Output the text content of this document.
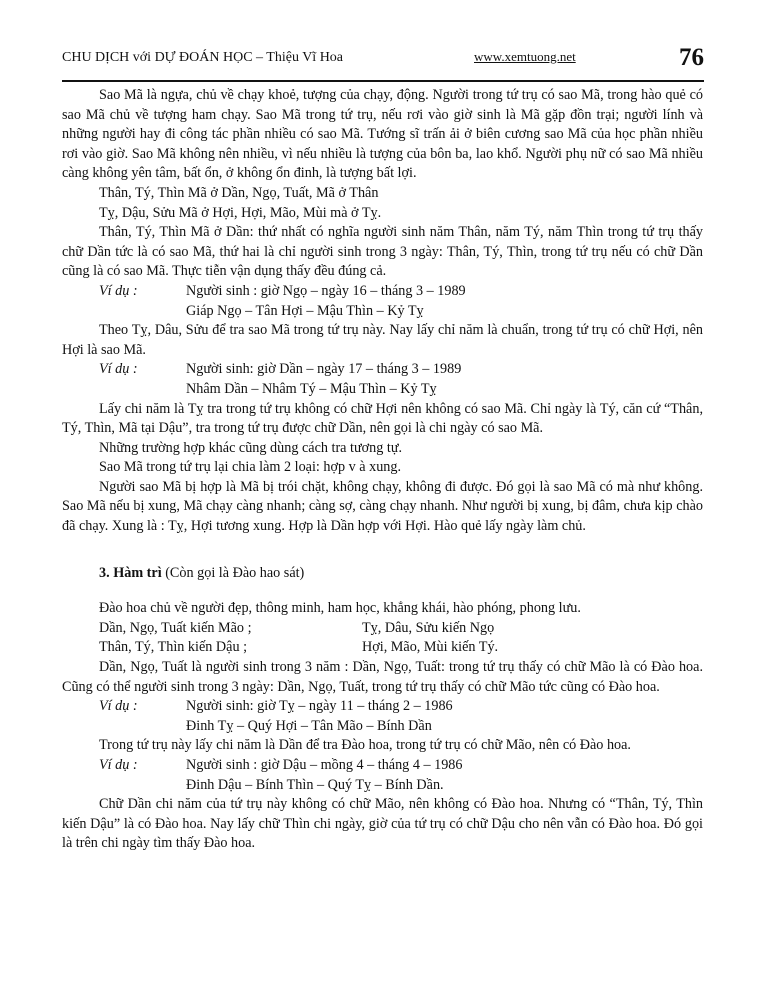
CHU DỊCH với DỰ ĐOÁN HỌC – Thiệu Vĩ Hoa	www.xemtuong.net	76

Sao Mã là ngựa, chủ về chạy khoẻ, tượng của chạy, động. Người trong tứ trụ có sao Mã, trong hào quẻ có sao Mã chủ về tượng ham chạy. Sao Mã trong tứ trụ, nếu rơi vào giờ sinh là Mã gặp đồn trại; người lính và những người hay đi công tác phần nhiều có sao Mã. Tướng sĩ trấn ải ở biên cương sao Mã của học phần nhiều rơi vào giờ. Sao Mã không nên nhiều, vì nếu nhiều là tượng của bôn ba, lao khổ. Người phụ nữ có sao Mã nhiều càng không yên tâm, bất ổn, ở không ổn đinh, là tượng bất lợi.

Thân, Tý, Thìn Mã ở Dần, Ngọ, Tuất, Mã ở Thân

Tỵ, Dậu, Sửu Mã ở Hợi, Hợi, Mão, Mùi mà ở Tỵ.

Thân, Tý, Thìn Mã ở Dần: thứ nhất có nghĩa người sinh năm Thân, năm Tý, năm Thìn trong tứ trụ thấy chữ Dần tức là có sao Mã, thứ hai là chỉ người sinh trong 3 ngày: Thân, Tý, Thìn, trong tứ trụ nếu có chữ Dần cũng là có sao Mã. Thực tiễn vận dụng thấy đều đúng cả.

Ví dụ :	Người sinh : giờ Ngọ – ngày 16 – tháng 3 – 1989

Giáp Ngọ – Tân Hợi – Mậu Thìn – Kỷ Tỵ

Theo Tỵ, Dâu, Sửu để tra sao Mã trong tứ trụ này. Nay lấy chỉ năm là chuẩn, trong tứ trụ có chữ Hợi, nên Hợi là sao Mã.

Ví dụ :	Người sinh: giờ Dần – ngày 17 – tháng 3 – 1989

Nhâm Dần – Nhâm Tý – Mậu Thìn – Kỷ Tỵ

Lấy chi năm là Tỵ tra trong tứ trụ không có chữ Hợi nên không có sao Mã. Chỉ ngày là Tý, căn cứ “Thân, Tý, Thìn, Mã tại Dậu”, tra trong tứ trụ được chữ Dần, nên gọi là chi ngày có sao Mã.

Những trường hợp khác cũng dùng cách tra tương tự.

Sao Mã trong tứ trụ lại chia làm 2 loại: hợp v à xung.

Người sao Mã bị hợp là Mã bị trói chặt, không chạy, không đi được. Đó gọi là sao Mã có mà như không. Sao Mã nếu bị xung, Mã chạy càng nhanh; càng sợ, càng chạy nhanh. Như người bị xung, bị đâm, chưa kịp chào đã chạy. Xung là : Tỵ, Hợi tương xung. Hợp là Dần hợp với Hợi. Hào quẻ lấy ngày làm chủ.

3. Hàm trì (Còn gọi là Đào hao sát)

Đào hoa chủ về người đẹp, thông minh, ham học, khẳng khái, hào phóng, phong lưu.

Dần, Ngọ, Tuất kiến Mão ;	Tỵ, Dâu, Sửu kiến Ngọ
Thân, Tý, Thìn kiến Dậu ;	Hợi, Mão, Mùi kiến Tý.

Dần, Ngọ, Tuất là người sinh trong 3 năm : Dần, Ngọ, Tuất: trong tứ trụ thấy có chữ Mão là có Đào hoa. Cũng có thể người sinh trong 3 ngày: Dần, Ngọ, Tuất, trong tứ trụ thấy có chữ Mão tức cũng có Đào hoa.

Ví dụ :	Người sinh: giờ Tỵ – ngày 11 – tháng 2 – 1986

Đinh Tỵ – Quý Hợi – Tân Mão – Bính Dần

Trong tứ trụ này lấy chi năm là Dần để tra Đào hoa, trong tứ trụ có chữ Mão, nên có Đào hoa.

Ví dụ :	Người sinh : giờ Dậu – mồng 4 – tháng 4 – 1986

Đinh Dậu – Bính Thìn – Quý Tỵ – Bính Dần.

Chữ Dần chi năm của tứ trụ này không có chữ Mão, nên không có Đào hoa. Nhưng có “Thân, Tý, Thìn kiến Dậu” là có Đào hoa. Nay lấy chữ Thìn chi ngày, giờ của tứ trụ có chữ Dậu cho nên vẫn có Đào hoa. Đó gọi là trên chi ngày tìm thấy Đào hoa.
